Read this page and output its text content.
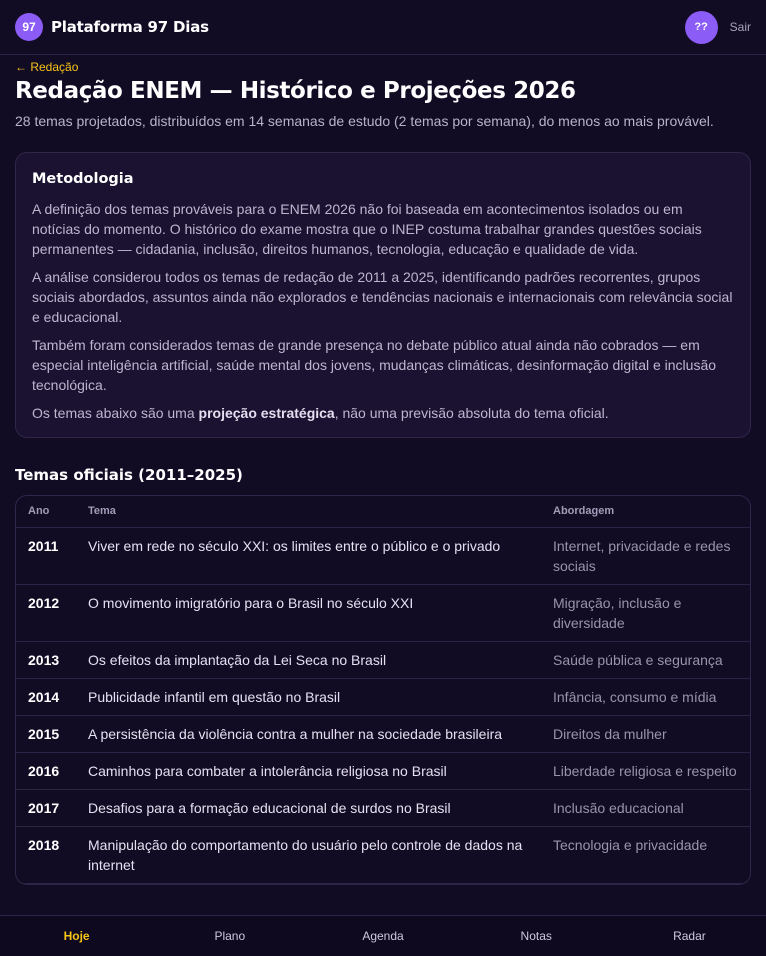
97	Plataforma 97 Dias	??	Sair
← Redação
Redação ENEM — Histórico e Projeções 2026
28 temas projetados, distribuídos em 14 semanas de estudo (2 temas por semana), do menos ao mais provável.
Metodologia

A definição dos temas prováveis para o ENEM 2026 não foi baseada em acontecimentos isolados ou em notícias do momento. O histórico do exame mostra que o INEP costuma trabalhar grandes questões sociais permanentes — cidadania, inclusão, direitos humanos, tecnologia, educação e qualidade de vida.

A análise considerou todos os temas de redação de 2011 a 2025, identificando padrões recorrentes, grupos sociais abordados, assuntos ainda não explorados e tendências nacionais e internacionais com relevância social e educacional.

Também foram considerados temas de grande presença no debate público atual ainda não cobrados — em especial inteligência artificial, saúde mental dos jovens, mudanças climáticas, desinformação digital e inclusão tecnológica.

Os temas abaixo são uma projeção estratégica, não uma previsão absoluta do tema oficial.

Temas oficiais (2011–2025)
Ano	Tema	Abordagem
2011	Viver em rede no século XXI: os limites entre o público e o privado	Internet, privacidade e redes sociais
2012	O movimento imigratório para o Brasil no século XXI	Migração, inclusão e diversidade
2013	Os efeitos da implantação da Lei Seca no Brasil	Saúde pública e segurança
2014	Publicidade infantil em questão no Brasil	Infância, consumo e mídia
2015	A persistência da violência contra a mulher na sociedade brasileira	Direitos da mulher
2016	Caminhos para combater a intolerância religiosa no Brasil	Liberdade religiosa e respeito
2017	Desafios para a formação educacional de surdos no Brasil	Inclusão educacional
2018	Manipulação do comportamento do usuário pelo controle de dados na internet	Tecnologia e privacidade
Hoje	Plano	Agenda	Notas	Radar
